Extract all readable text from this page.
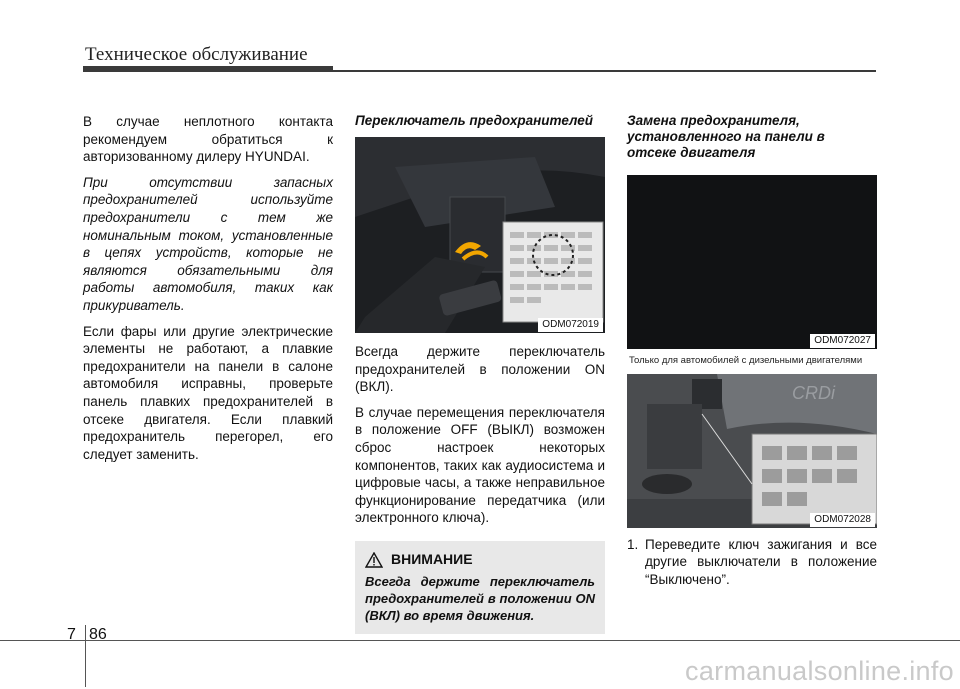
Техническое обслуживание

В случае неплотного контакта рекомендуем обратиться к авторизованному дилеру HYUNDAI.

При отсутствии запасных предохранителей используйте предохранители с тем же номинальным током, установленные в цепях устройств, которые не являются обязательными для работы автомобиля, таких как прикуриватель.

Если фары или другие электрические элементы не работают, а плавкие предохранители на панели в салоне автомобиля исправны, проверьте панель плавких предохранителей в отсеке двигателя. Если плавкий предохранитель перегорел, его следует заменить.

Переключатель предохранителей
ODM072019

Всегда держите переключатель предохранителей в положении ON (ВКЛ).

В случае перемещения переключателя в положение OFF (ВЫКЛ) возможен сброс настроек некоторых компонентов, таких как аудиосистема и цифровые часы, а также неправильное функционирование передатчика (или электронного ключа).

ВНИМАНИЕ
Всегда держите переключатель предохранителей в положении ON (ВКЛ) во время движения.
Замена предохранителя, установленного на панели в отсеке двигателя
ODM072027
Только для автомобилей с дизельными двигателями
CRDi
ODM072028
1. Переведите ключ зажигания и все другие выключатели в положение “Выключено”.
7 86
carmanualsonline.info
